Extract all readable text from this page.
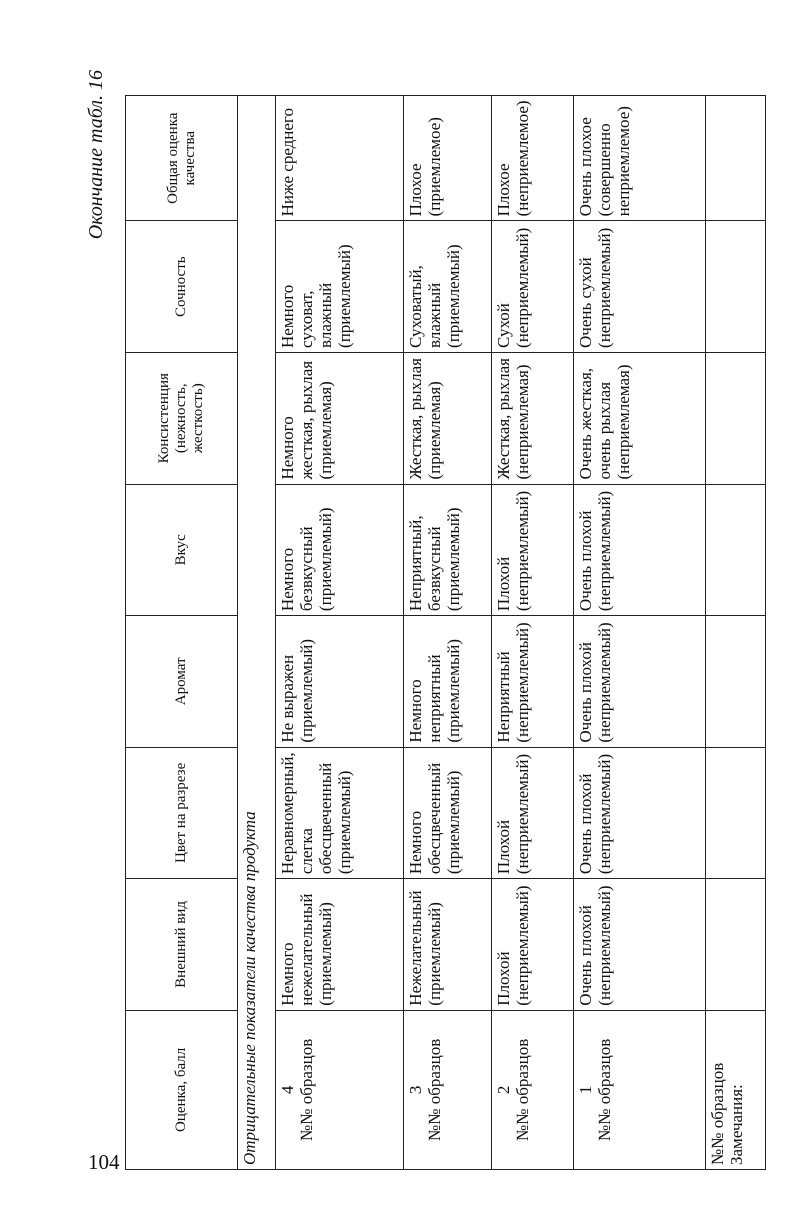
104
Окончание табл. 16
Оценка, балл	Внешний вид	Цвет на разрезе	Аромат	Вкус	Консистенция (нежность, жесткость)	Сочность	Общая оценка качества
Отрицательные показатели качества продукта							

4 №№ образцов	Немного нежелательный (приемлемый)	Неравномерный, слегка обесцвеченный (приемлемый)	Не выражен (приемлемый)	Немного безвкусный (приемлемый)	Немного жесткая, рыхлая (приемлемая)	Немного суховат, влажный (приемлемый)	Ниже среднего

3 №№ образцов	Нежелательный (приемлемый)	Немного обесцвеченный (приемлемый)	Немного неприятный (приемлемый)	Неприятный, безвкусный (приемлемый)	Жесткая, рыхлая (приемлемая)	Суховатый, влажный (приемлемый)	Плохое (приемлемое)

2 №№ образцов	Плохой (неприемлемый)	Плохой (неприемлемый)	Неприятный (неприемлемый)	Плохой (неприемлемый)	Жесткая, рыхлая (неприемлемая)	Сухой (неприемлемый)	Плохое (неприемлемое)

1 №№ образцов	Очень плохой (неприемлемый)	Очень плохой (неприемлемый)	Очень плохой (неприемлемый)	Очень плохой (неприемлемый)	Очень жесткая, очень рыхлая (неприемлемая)	Очень сухой (неприемлемый)	Очень плохое (совершенно неприемлемое)

№№ образцов Замечания:							
